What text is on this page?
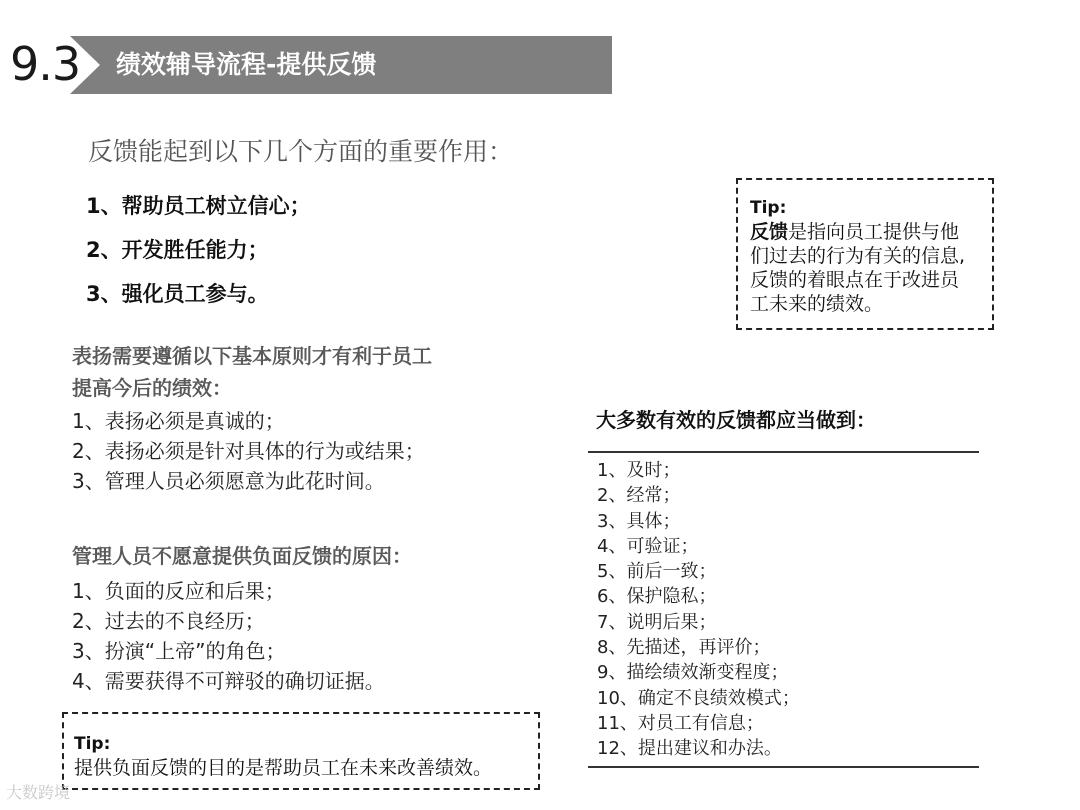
9.3 绩效辅导流程-提供反馈
反馈能起到以下几个方面的重要作用：
1、帮助员工树立信心；
2、开发胜任能力；
3、强化员工参与。
Tip:
反馈是指向员工提供与他
们过去的行为有关的信息,
反馈的着眼点在于改进员
工未来的绩效。
表扬需要遵循以下基本原则才有利于员工
提高今后的绩效：
1、表扬必须是真诚的；
2、表扬必须是针对具体的行为或结果；
3、管理人员必须愿意为此花时间。
管理人员不愿意提供负面反馈的原因：
1、负面的反应和后果；
2、过去的不良经历；
3、扮演“上帝”的角色；
4、需要获得不可辩驳的确切证据。
Tip:
提供负面反馈的目的是帮助员工在未来改善绩效。
大多数有效的反馈都应当做到：
1、及时；
2、经常；
3、具体；
4、可验证；
5、前后一致；
6、保护隐私；
7、说明后果；
8、先描述，再评价；
9、描绘绩效渐变程度；
10、确定不良绩效模式；
11、对员工有信息；
12、提出建议和办法。
大数跨境
